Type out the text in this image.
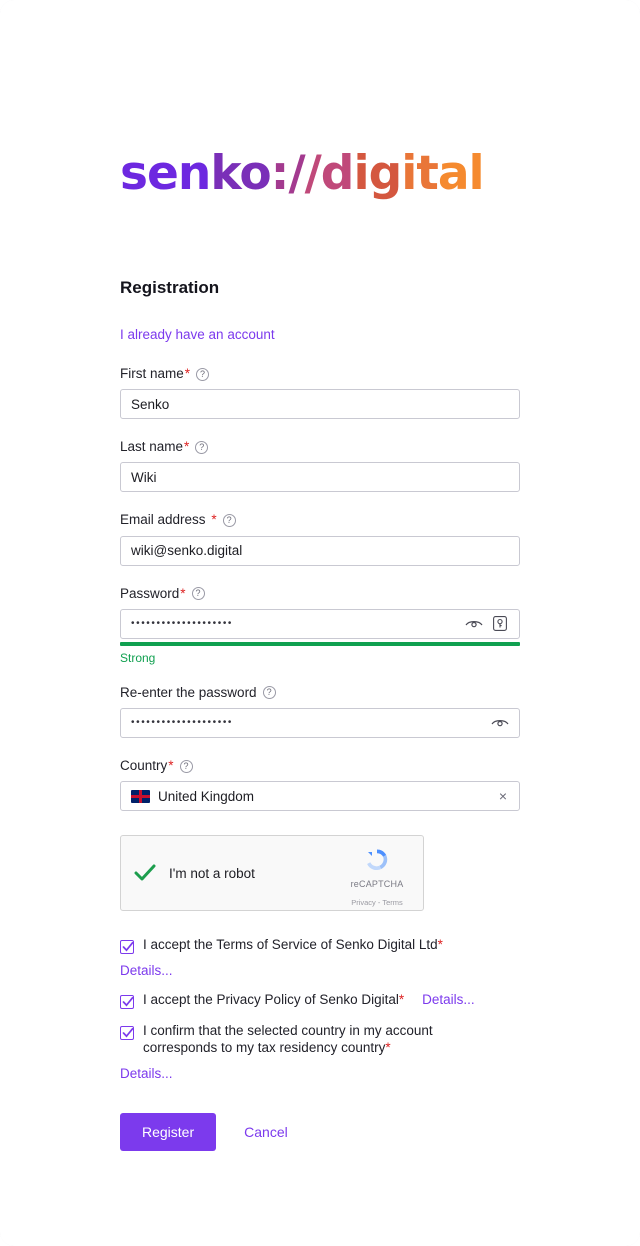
senko://digital
Registration
I already have an account
First name *	?
Senko
Last name *	?
Wiki
Email address
*	?
wiki@senko.digital
Password *	?
••••••••••••••••••••
Strong
Re-enter the password	?
••••••••••••••••••••
Country *	?
United Kingdom	×
I'm not a robot
reCAPTCHA Privacy - Terms
I accept the Terms of Service of Senko Digital Ltd*
Details...
I accept the Privacy Policy of Senko Digital* Details...
I confirm that the selected country in my account corresponds to my tax residency country*
Details...
Register	Cancel
